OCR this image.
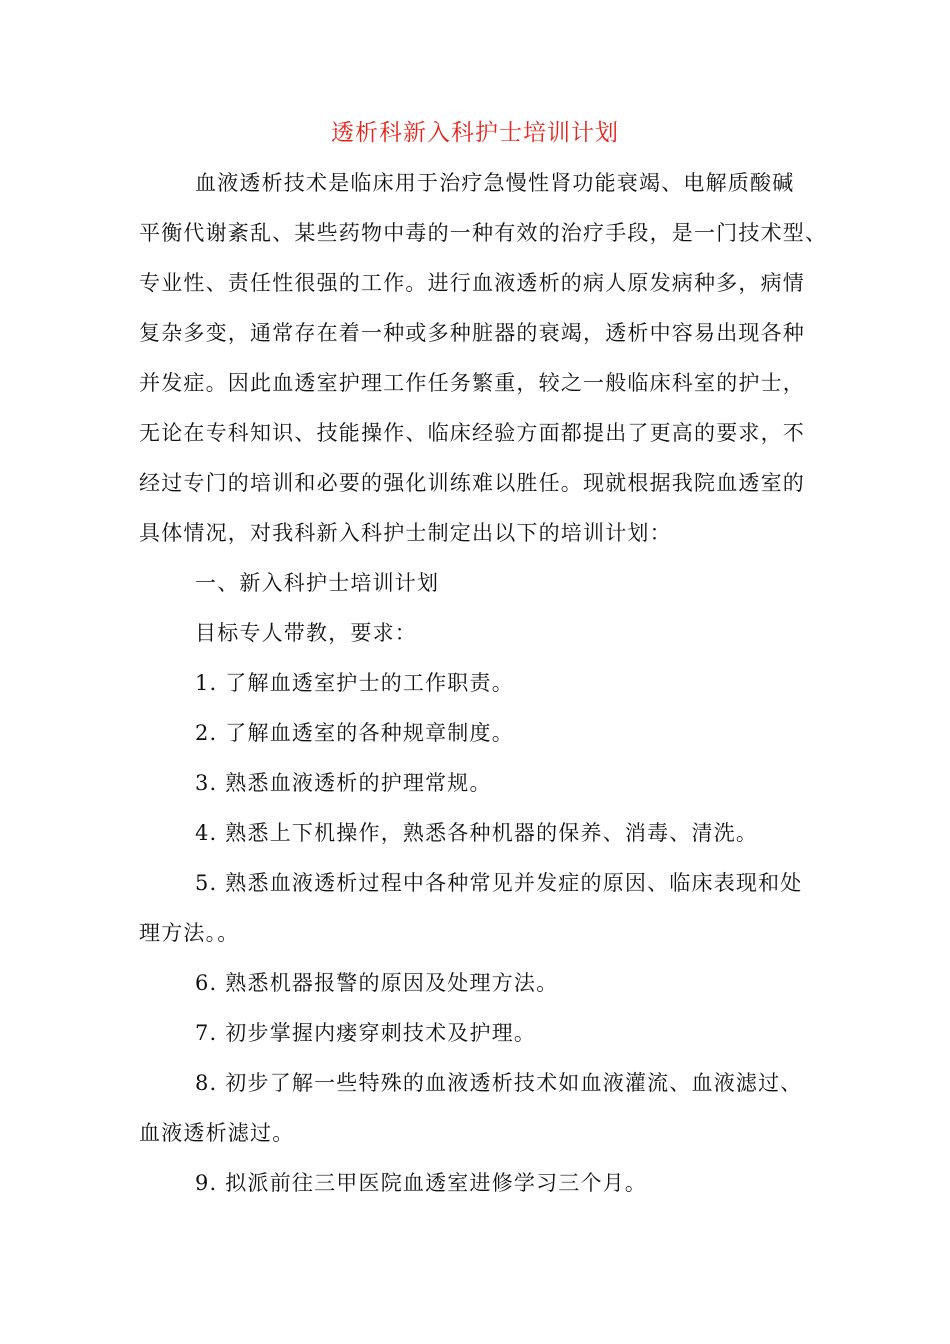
透析科新入科护士培训计划

血液透析技术是临床用于治疗急慢性肾功能衰竭、电解质酸碱
平衡代谢紊乱、某些药物中毒的一种有效的治疗手段，是一门技术型、
专业性、责任性很强的工作。进行血液透析的病人原发病种多，病情
复杂多变，通常存在着一种或多种脏器的衰竭，透析中容易出现各种
并发症。因此血透室护理工作任务繁重，较之一般临床科室的护士，
无论在专科知识、技能操作、临床经验方面都提出了更高的要求，不
经过专门的培训和必要的强化训练难以胜任。现就根据我院血透室的
具体情况，对我科新入科护士制定出以下的培训计划：

一、新入科护士培训计划

目标专人带教，要求：

1. 了解血透室护士的工作职责。

2. 了解血透室的各种规章制度。

3. 熟悉血液透析的护理常规。

4. 熟悉上下机操作，熟悉各种机器的保养、消毒、清洗。

5. 熟悉血液透析过程中各种常见并发症的原因、临床表现和处
理方法。。

6. 熟悉机器报警的原因及处理方法。

7. 初步掌握内瘘穿刺技术及护理。

8. 初步了解一些特殊的血液透析技术如血液灌流、血液滤过、
血液透析滤过。

9. 拟派前往三甲医院血透室进修学习三个月。
